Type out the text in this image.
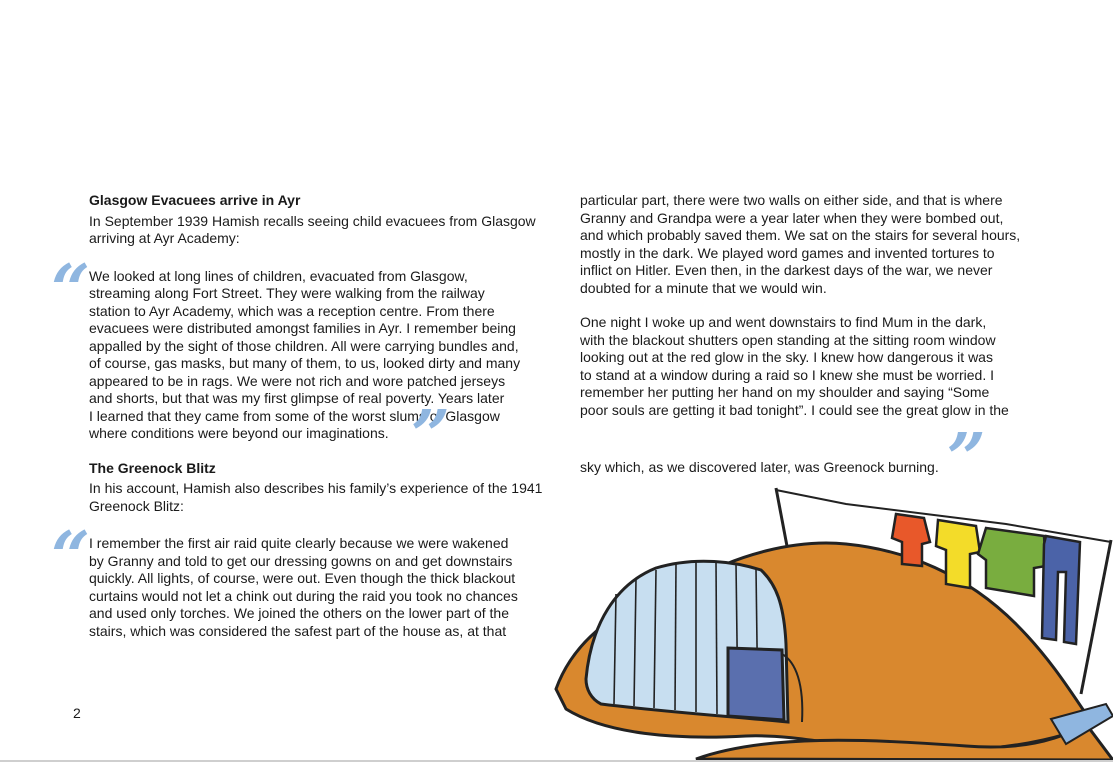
Glasgow Evacuees arrive in Ayr

In September 1939 Hamish recalls seeing child evacuees from Glasgow
arriving at Ayr Academy:

“

We looked at long lines of children, evacuated from Glasgow,
streaming along Fort Street. They were walking from the railway
station to Ayr Academy, which was a reception centre. From there
evacuees were distributed amongst families in Ayr. I remember being
appalled by the sight of those children. All were carrying bundles and,
of course, gas masks, but many of them, to us, looked dirty and many
appeared to be in rags. We were not rich and wore patched jerseys
and shorts, but that was my first glimpse of real poverty. Years later
I learned that they came from some of the worst slums of Glasgow
where conditions were beyond our imaginations. ”
The Greenock Blitz

In his account, Hamish also describes his family’s experience of the 1941
Greenock Blitz:

“

I remember the first air raid quite clearly because we were wakened
by Granny and told to get our dressing gowns on and get downstairs
quickly. All lights, of course, were out. Even though the thick blackout
curtains would not let a chink out during the raid you took no chances
and used only torches. We joined the others on the lower part of the
stairs, which was considered the safest part of the house as, at that

particular part, there were two walls on either side, and that is where
Granny and Grandpa were a year later when they were bombed out,
and which probably saved them. We sat on the stairs for several hours,
mostly in the dark. We played word games and invented tortures to
inflict on Hitler. Even then, in the darkest days of the war, we never
doubted for a minute that we would win.

One night I woke up and went downstairs to find Mum in the dark,
with the blackout shutters open standing at the sitting room window
looking out at the red glow in the sky. I knew how dangerous it was
to stand at a window during a raid so I knew she must be worried. I
remember her putting her hand on my shoulder and saying “Some
poor souls are getting it bad tonight”. I could see the great glow in the
sky which, as we discovered later, was Greenock burning. ”

2
